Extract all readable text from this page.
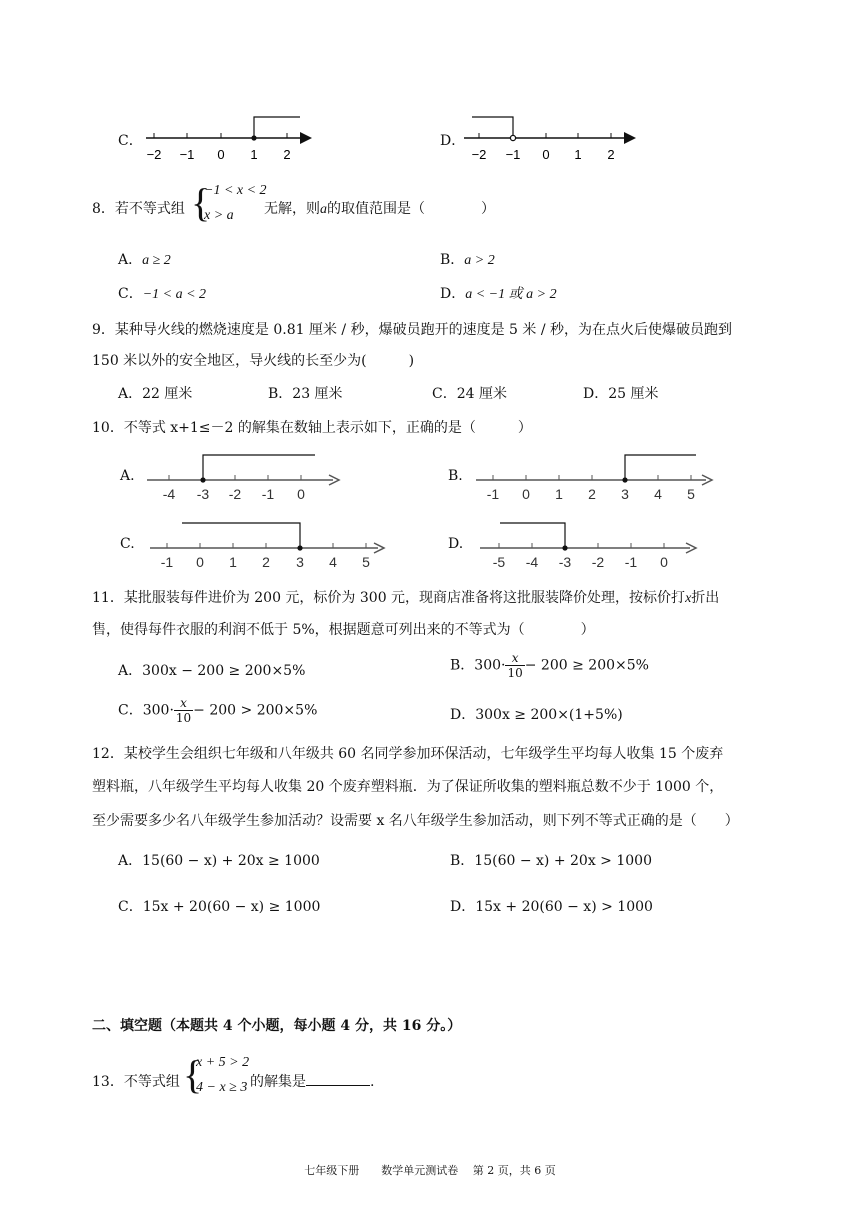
C．
−2 −1 0 1 2
D．
−2 −1 0 1 2
8．若不等式组 {
−1 < x < 2
x > a 无解，则a的取值范围是（　　　　）
A．a ≥ 2	B．a > 2
C．−1 < a < 2	D．a < −1 或 a > 2
9．某种导火线的燃烧速度是 0.81 厘米 / 秒，爆破员跑开的速度是 5 米 / 秒，为在点火后使爆破员跑到
150 米以外的安全地区，导火线的长至少为(　　　)
A．22 厘米	B．23 厘米	C．24 厘米	D．25 厘米
10．不等式 x+1≤－2 的解集在数轴上表示如下，正确的是（　　　）
A.
-4 -3 -2 -1 0
B.
-1 0 1 2 3 4 5
C.
-1 0 1 2 3 4 5
D.
-5 -4 -3 -2 -1 0
11．某批服装每件进价为 200 元，标价为 300 元，现商店准备将这批服装降价处理，按标价打x折出
售，使得每件衣服的利润不低于 5%，根据题意可列出来的不等式为（　　　　）
A．300x − 200 ≥ 200×5%	B．$300\cdot \frac{x}{10} - 200 \ge 200\times 5\%$
C．$300\cdot \frac{x}{10} - 200 > 200\times 5\%$	D．300x ≥ 200×(1+5%)
12．某校学生会组织七年级和八年级共 60 名同学参加环保活动，七年级学生平均每人收集 15 个废弃
塑料瓶，八年级学生平均每人收集 20 个废弃塑料瓶．为了保证所收集的塑料瓶总数不少于 1000 个，
至少需要多少名八年级学生参加活动？设需要 x 名八年级学生参加活动，则下列不等式正确的是（　　）
A．15(60 − x) + 20x ≥ 1000	B．15(60 − x) + 20x > 1000
C．15x + 20(60 − x) ≥ 1000	D．15x + 20(60 − x) > 1000
二、填空题（本题共 4 个小题，每小题 4 分，共 16 分。）
13．不等式组 {
x + 5 > 2
4 − x ≥ 3 的解集是	.
七年级下册　　数学单元测试卷　 第 2 页，共 6 页
